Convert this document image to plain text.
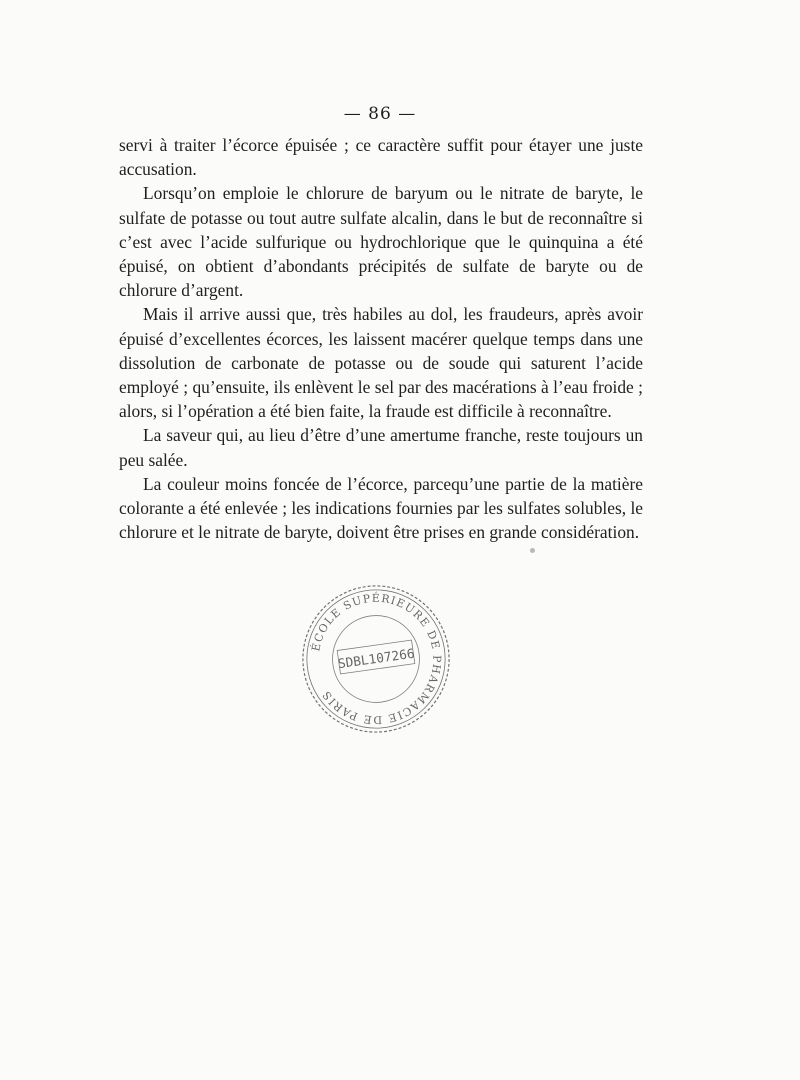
— 86 —

servi à traiter l’écorce épuisée ; ce caractère suffit pour étayer une juste accusation.

Lorsqu’on emploie le chlorure de baryum ou le nitrate de baryte, le sulfate de potasse ou tout autre sulfate alcalin, dans le but de reconnaître si c’est avec l’acide sulfurique ou hydrochlorique que le quinquina a été épuisé, on obtient d’abondants précipités de sulfate de baryte ou de chlorure d’argent.

Mais il arrive aussi que, très habiles au dol, les fraudeurs, après avoir épuisé d’excellentes écorces, les laissent macérer quelque temps dans une dissolution de carbonate de potasse ou de soude qui saturent l’acide employé ; qu’ensuite, ils enlèvent le sel par des macérations à l’eau froide ; alors, si l’opération a été bien faite, la fraude est difficile à reconnaître.

La saveur qui, au lieu d’être d’une amertume franche, reste toujours un peu salée.

La couleur moins foncée de l’écorce, parcequ’une partie de la matière colorante a été enlevée ; les indications fournies par les sulfates solubles, le chlorure et le nitrate de baryte, doivent être prises en grande considération.

ÉCOLE SUPÉRIEURE DE PHARMACIE DE PARIS
SDBL107266
